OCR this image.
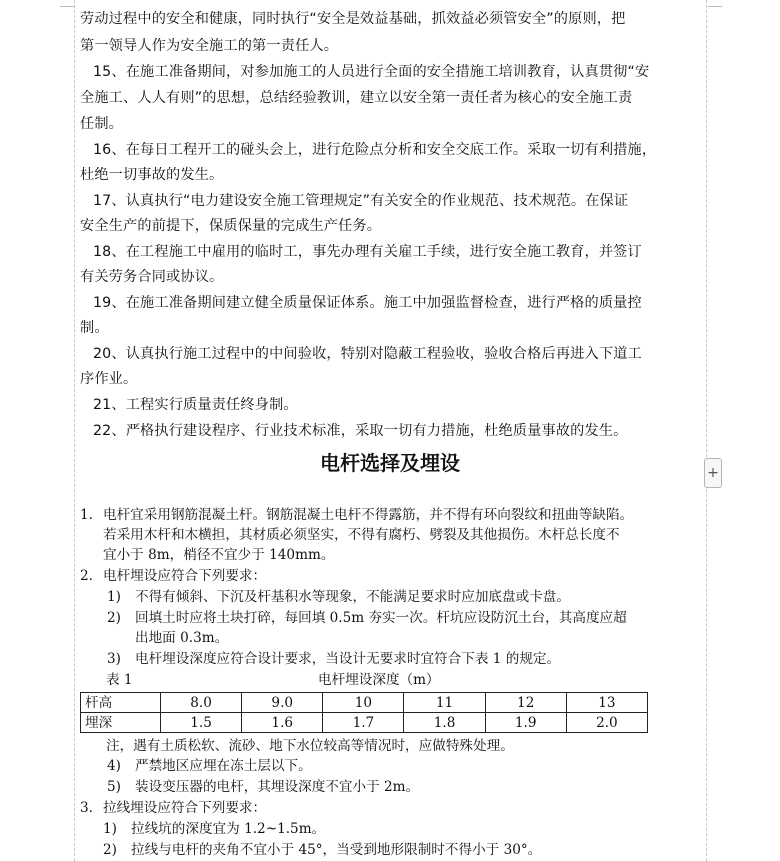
劳动过程中的安全和健康，同时执行“安全是效益基础，抓效益必须管安全”的原则，把
第一领导人作为安全施工的第一责任人。
15、在施工准备期间，对参加施工的人员进行全面的安全措施工培训教育，认真贯彻“安
全施工、人人有则”的思想，总结经验教训，建立以安全第一责任者为核心的安全施工责
任制。
16、在每日工程开工的碰头会上，进行危险点分析和安全交底工作。采取一切有利措施，
杜绝一切事故的发生。
17、认真执行“电力建设安全施工管理规定”有关安全的作业规范、技术规范。在保证
安全生产的前提下，保质保量的完成生产任务。
18、在工程施工中雇用的临时工，事先办理有关雇工手续，进行安全施工教育，并签订
有关劳务合同或协议。
19、在施工准备期间建立健全质量保证体系。施工中加强监督检查，进行严格的质量控
制。
20、认真执行施工过程中的中间验收，特别对隐蔽工程验收，验收合格后再进入下道工
序作业。
21、工程实行质量责任终身制。
22、严格执行建设程序、行业技术标准，采取一切有力措施，杜绝质量事故的发生。
电杆选择及埋设	+
1. 电杆宜采用钢筋混凝土杆。钢筋混凝土电杆不得露筋，并不得有环向裂纹和扭曲等缺陷。
若采用木杆和木横担，其材质必须坚实，不得有腐朽、劈裂及其他损伤。木杆总长度不
宜小于 8m，梢径不宜少于 140mm。
2. 电杆埋设应符合下列要求：
1) 不得有倾斜、下沉及杆基积水等现象，不能满足要求时应加底盘或卡盘。
2) 回填土时应将土块打碎，每回填 0.5m 夯实一次。杆坑应设防沉土台，其高度应超
出地面 0.3m。
3) 电杆埋设深度应符合设计要求，当设计无要求时宜符合下表 1 的规定。
表 1	电杆埋设深度（m）
杆高	8.0	9.0	10	11	12	13
埋深	1.5	1.6	1.7	1.8	1.9	2.0
注，遇有土质松软、流砂、地下水位较高等情况时，应做特殊处理。
4) 严禁地区应埋在冻土层以下。
5) 装设变压器的电杆，其埋设深度不宜小于 2m。
3. 拉线埋设应符合下列要求：
1) 拉线坑的深度宜为 1.2~1.5m。
2) 拉线与电杆的夹角不宜小于 45°，当受到地形限制时不得小于 30°。
